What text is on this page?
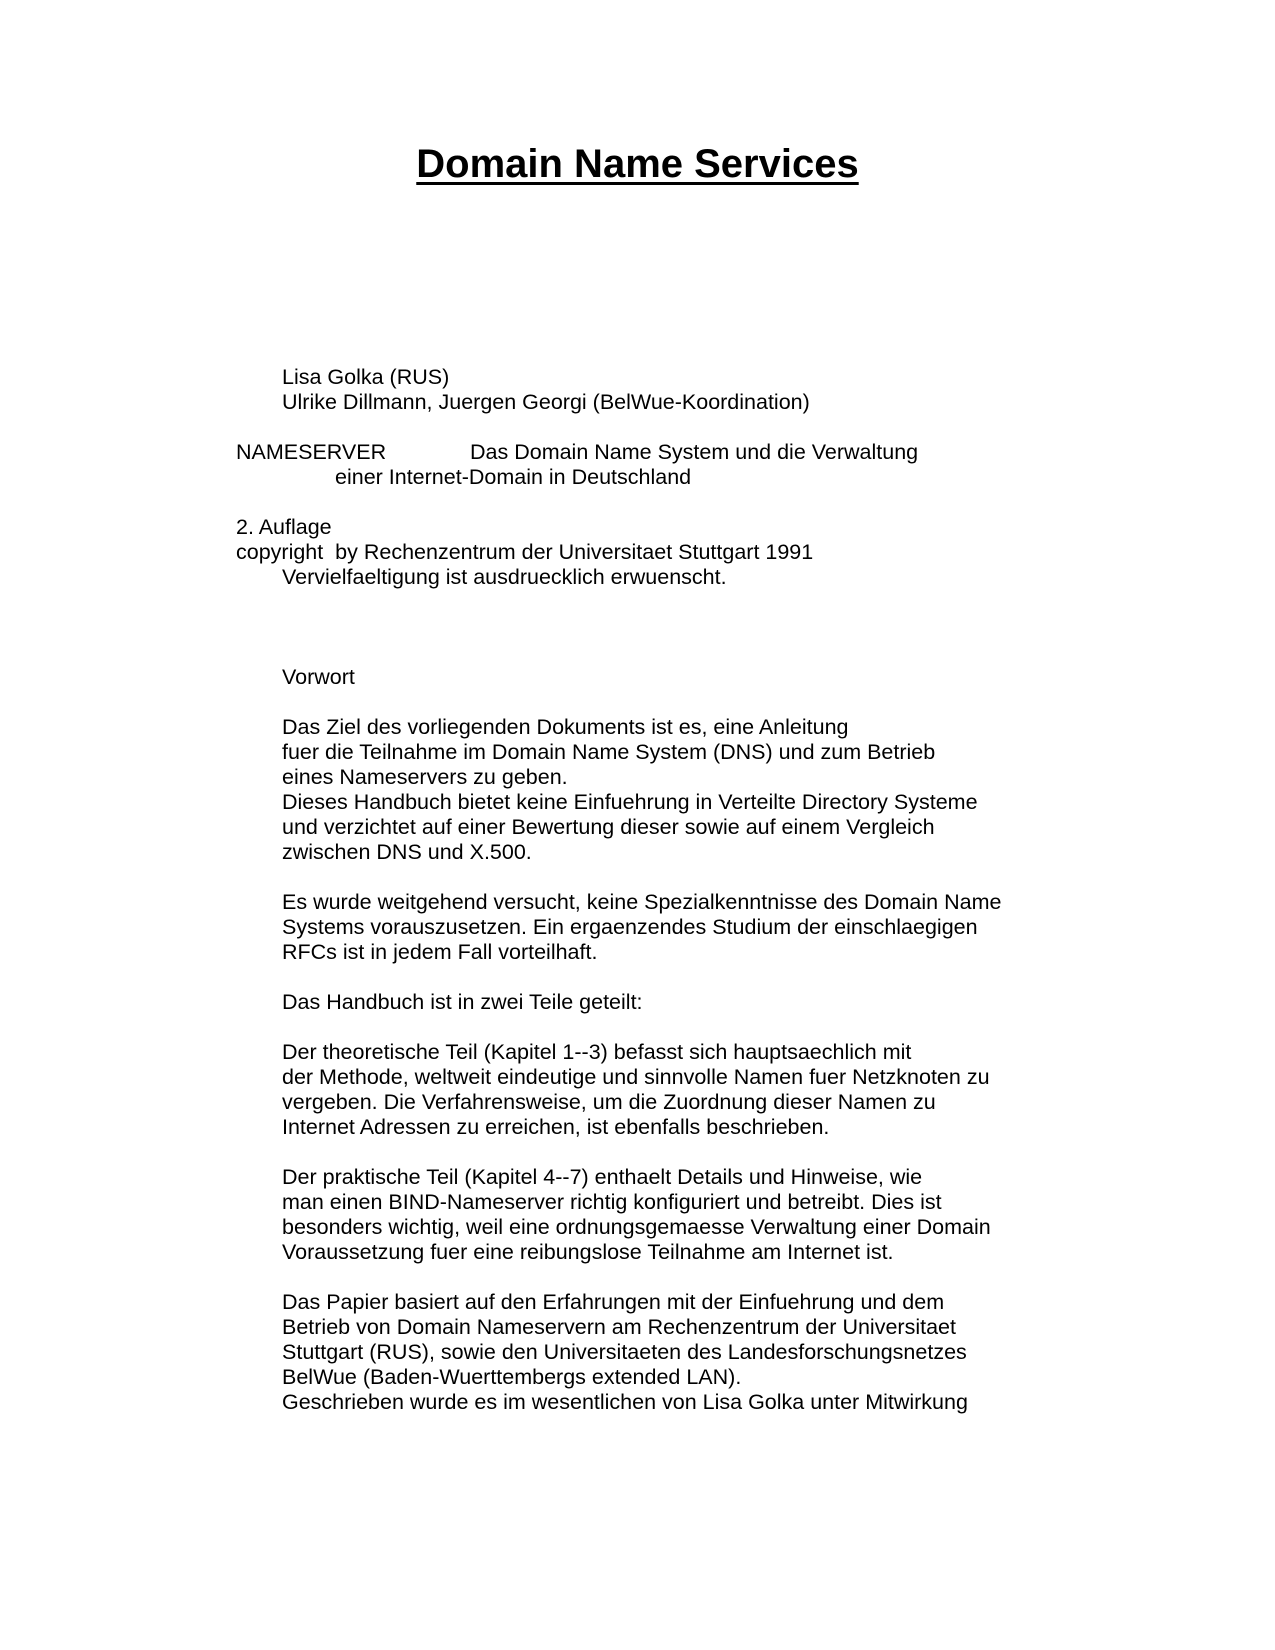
Domain Name Services
Lisa Golka (RUS)
Ulrike Dillmann, Juergen Georgi (BelWue-Koordination)
NAMESERVER	Das Domain Name System und die Verwaltung
einer Internet-Domain in Deutschland
2. Auflage
copyright  by Rechenzentrum der Universitaet Stuttgart 1991
Vervielfaeltigung ist ausdruecklich erwuenscht.
Vorwort
Das Ziel des vorliegenden Dokuments ist es, eine Anleitung
fuer die Teilnahme im Domain Name System (DNS) und zum Betrieb
eines Nameservers zu geben.
Dieses Handbuch bietet keine Einfuehrung in Verteilte Directory Systeme
und verzichtet auf einer Bewertung dieser sowie auf einem Vergleich
zwischen DNS und X.500.
Es wurde weitgehend versucht, keine Spezialkenntnisse des Domain Name
Systems vorauszusetzen. Ein ergaenzendes Studium der einschlaegigen
RFCs ist in jedem Fall vorteilhaft.
Das Handbuch ist in zwei Teile geteilt:
Der theoretische Teil (Kapitel 1--3) befasst sich hauptsaechlich mit
der Methode, weltweit eindeutige und sinnvolle Namen fuer Netzknoten zu
vergeben. Die Verfahrensweise, um die Zuordnung dieser Namen zu
Internet Adressen zu erreichen, ist ebenfalls beschrieben.
Der praktische Teil (Kapitel 4--7) enthaelt Details und Hinweise, wie
man einen BIND-Nameserver richtig konfiguriert und betreibt. Dies ist
besonders wichtig, weil eine ordnungsgemaesse Verwaltung einer Domain
Voraussetzung fuer eine reibungslose Teilnahme am Internet ist.
Das Papier basiert auf den Erfahrungen mit der Einfuehrung und dem
Betrieb von Domain Nameservern am Rechenzentrum der Universitaet
Stuttgart (RUS), sowie den Universitaeten des Landesforschungsnetzes
BelWue (Baden-Wuerttembergs extended LAN).
Geschrieben wurde es im wesentlichen von Lisa Golka unter Mitwirkung
